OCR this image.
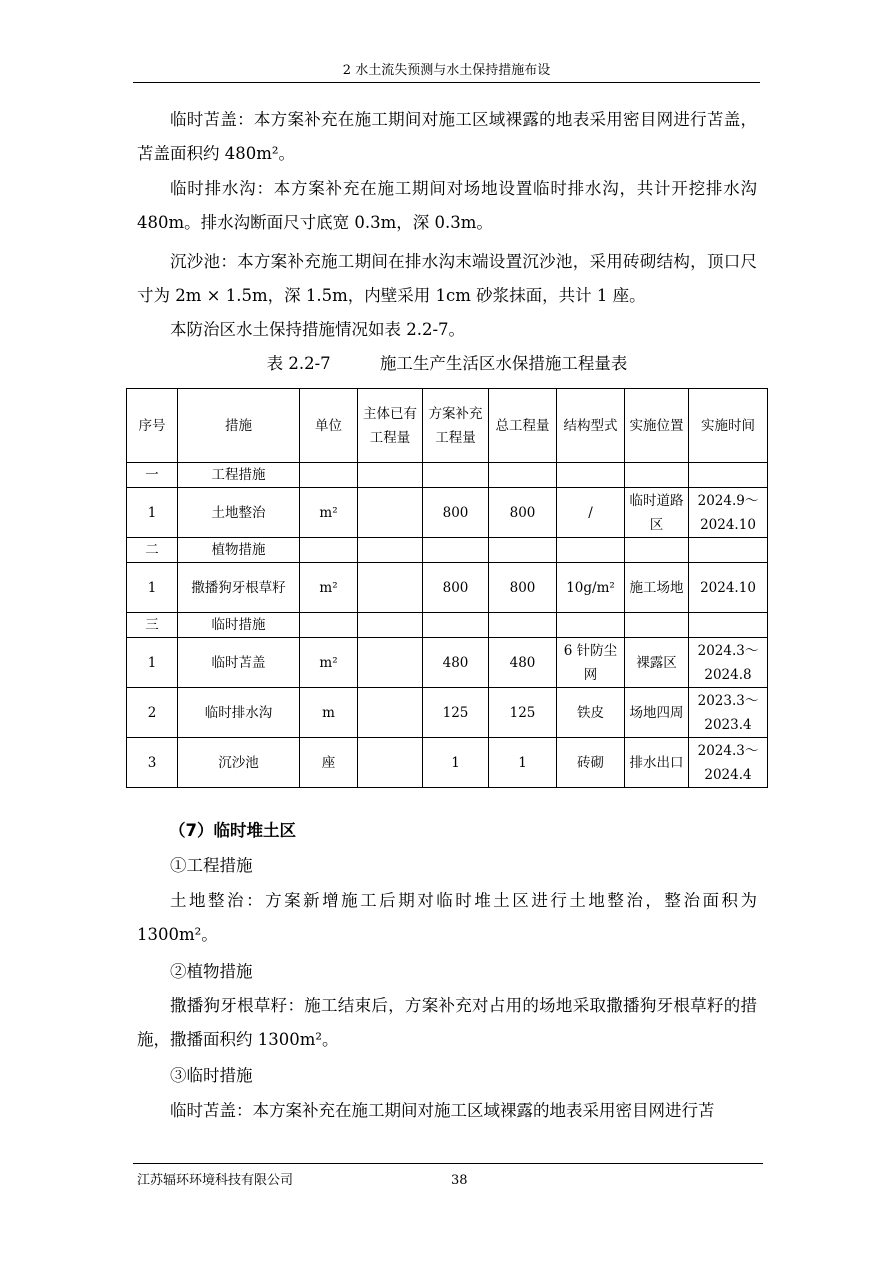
2 水土流失预测与水土保持措施布设

临时苫盖：本方案补充在施工期间对施工区域裸露的地表采用密目网进行苫盖，苫盖面积约 480m²。

临时排水沟：本方案补充在施工期间对场地设置临时排水沟，共计开挖排水沟 480m。排水沟断面尺寸底宽 0.3m，深 0.3m。

沉沙池：本方案补充施工期间在排水沟末端设置沉沙池，采用砖砌结构，顶口尺寸为 2m × 1.5m，深 1.5m，内壁采用 1cm 砂浆抹面，共计 1 座。

本防治区水土保持措施情况如表 2.2-7。

表 2.2-7	施工生产生活区水保措施工程量表
序号	措施	单位	主体已有工程量	方案补充工程量	总工程量	结构型式	实施位置	实施时间
一	工程措施							
1	土地整治	m²		800	800	/	临时道路区	2024.9～2024.10
二	植物措施							
1	撒播狗牙根草籽	m²		800	800	10g/m²	施工场地	2024.10
三	临时措施							
1	临时苫盖	m²		480	480	6 针防尘网	裸露区	2024.3～2024.8
2	临时排水沟	m		125	125	铁皮	场地四周	2023.3～2023.4
3	沉沙池	座		1	1	砖砌	排水出口	2024.3～2024.4
（7）临时堆土区

①工程措施

土地整治：方案新增施工后期对临时堆土区进行土地整治，整治面积为 1300m²。

②植物措施

撒播狗牙根草籽：施工结束后，方案补充对占用的场地采取撒播狗牙根草籽的措施，撒播面积约 1300m²。

③临时措施

临时苫盖：本方案补充在施工期间对施工区域裸露的地表采用密目网进行苫

江苏辐环环境科技有限公司	38
